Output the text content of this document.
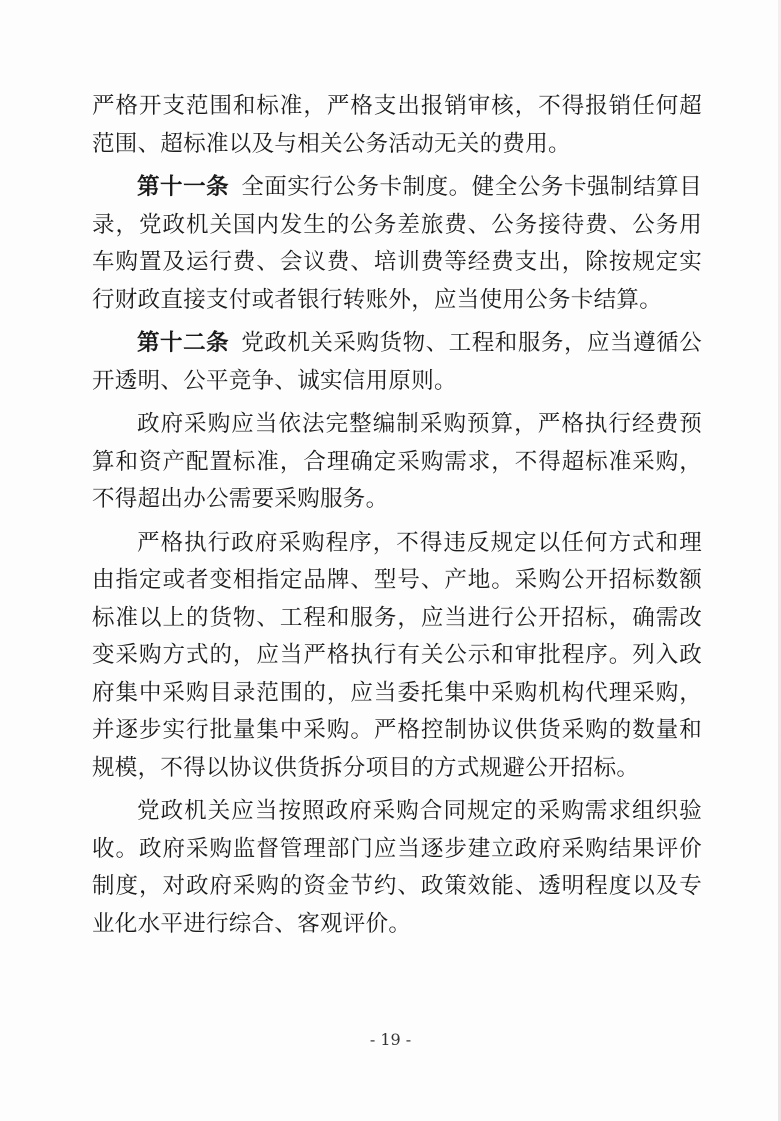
严格开支范围和标准，严格支出报销审核，不得报销任何超范围、超标准以及与相关公务活动无关的费用。

第十一条 全面实行公务卡制度。健全公务卡强制结算目录，党政机关国内发生的公务差旅费、公务接待费、公务用车购置及运行费、会议费、培训费等经费支出，除按规定实行财政直接支付或者银行转账外，应当使用公务卡结算。

第十二条 党政机关采购货物、工程和服务，应当遵循公开透明、公平竞争、诚实信用原则。

政府采购应当依法完整编制采购预算，严格执行经费预算和资产配置标准，合理确定采购需求，不得超标准采购，不得超出办公需要采购服务。

严格执行政府采购程序，不得违反规定以任何方式和理由指定或者变相指定品牌、型号、产地。采购公开招标数额标准以上的货物、工程和服务，应当进行公开招标，确需改变采购方式的，应当严格执行有关公示和审批程序。列入政府集中采购目录范围的，应当委托集中采购机构代理采购，并逐步实行批量集中采购。严格控制协议供货采购的数量和规模，不得以协议供货拆分项目的方式规避公开招标。

党政机关应当按照政府采购合同规定的采购需求组织验收。政府采购监督管理部门应当逐步建立政府采购结果评价制度，对政府采购的资金节约、政策效能、透明程度以及专业化水平进行综合、客观评价。

- 19 -
